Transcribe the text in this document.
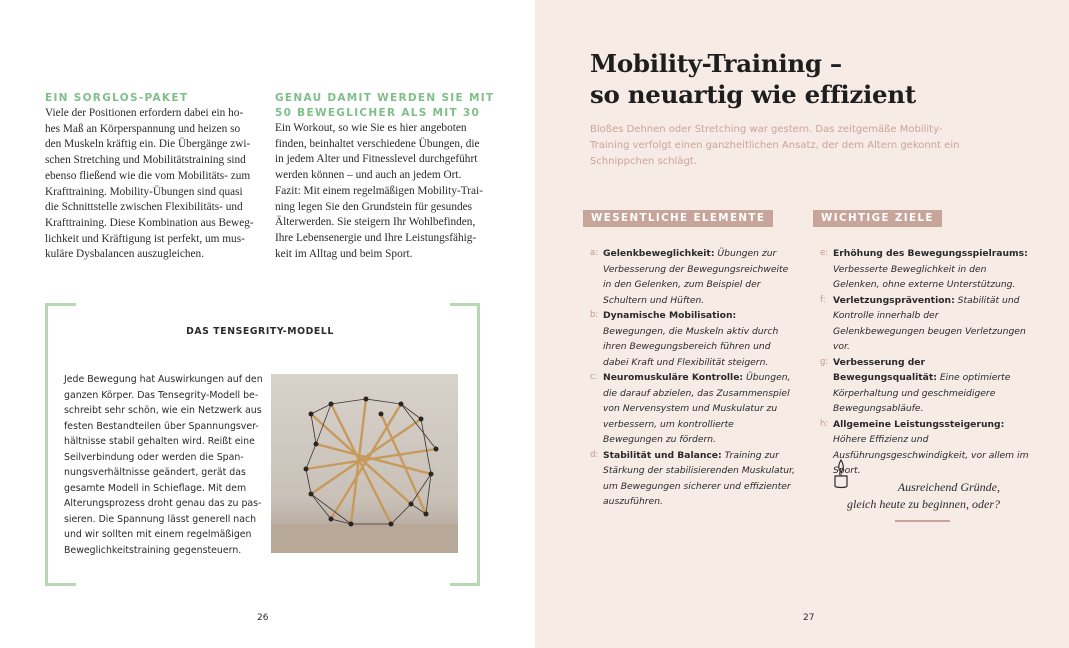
EIN SORGLOS-PAKET
Viele der Positionen erfordern dabei ein ho-
hes Maß an Körperspannung und heizen so
den Muskeln kräftig ein. Die Übergänge zwi-
schen Stretching und Mobilitätstraining sind
ebenso fließend wie die vom Mobilitäts- zum
Krafttraining. Mobility-Übungen sind quasi
die Schnittstelle zwischen Flexibilitäts- und
Krafttraining. Diese Kombination aus Beweg-
lichkeit und Kräftigung ist perfekt, um mus-
kuläre Dysbalancen auszugleichen.
GENAU DAMIT WERDEN SIE MIT
50 BEWEGLICHER ALS MIT 30
Ein Workout, so wie Sie es hier angeboten
finden, beinhaltet verschiedene Übungen, die
in jedem Alter und Fitnesslevel durchgeführt
werden können – und auch an jedem Ort.
Fazit: Mit einem regelmäßigen Mobility-Trai-
ning legen Sie den Grundstein für gesundes
Älterwerden. Sie steigern Ihr Wohlbefinden,
Ihre Lebensenergie und Ihre Leistungsfähig-
keit im Alltag und beim Sport.
DAS TENSEGRITY-MODELL
Jede Bewegung hat Auswirkungen auf den
ganzen Körper. Das Tensegrity-Modell be-
schreibt sehr schön, wie ein Netzwerk aus
festen Bestandteilen über Spannungsver-
hältnisse stabil gehalten wird. Reißt eine
Seilverbindung oder werden die Span-
nungsverhältnisse geändert, gerät das
gesamte Modell in Schieflage. Mit dem
Alterungsprozess droht genau das zu pas-
sieren. Die Spannung lässt generell nach
und wir sollten mit einem regelmäßigen
Beweglichkeitstraining gegensteuern.
26
Mobility-Training –
so neuartig wie effizient
Bloßes Dehnen oder Stretching war gestern. Das zeitgemäße Mobility-Training verfolgt einen ganzheitlichen Ansatz, der dem Altern gekonnt ein Schnippchen schlägt.
WESENTLICHE ELEMENTE	WICHTIGE ZIELE
a: Gelenkbeweglichkeit: Übungen zur Verbesserung der Bewegungsreichweite in den Gelenken, zum Beispiel der Schultern und Hüften.
b: Dynamische Mobilisation: Bewegungen, die Muskeln aktiv durch ihren Bewegungsbereich führen und dabei Kraft und Flexibilität steigern.
c: Neuromuskuläre Kontrolle: Übungen, die darauf abzielen, das Zusammenspiel von Nervensystem und Muskulatur zu verbessern, um kontrollierte Bewegungen zu fördern.
d: Stabilität und Balance: Training zur Stärkung der stabilisierenden Muskulatur, um Bewegungen sicherer und effizienter auszuführen.
e: Erhöhung des Bewegungsspielraums: Verbesserte Beweglichkeit in den Gelenken, ohne externe Unterstützung.
f: Verletzungsprävention: Stabilität und Kontrolle innerhalb der Gelenkbewegungen beugen Verletzungen vor.
g: Verbesserung der Bewegungsqualität: Eine optimierte Körperhaltung und geschmeidigere Bewegungsabläufe.
h: Allgemeine Leistungssteigerung: Höhere Effizienz und Ausführungsgeschwindigkeit, vor allem im Sport.
Ausreichend Gründe,
gleich heute zu beginnen, oder?
27
